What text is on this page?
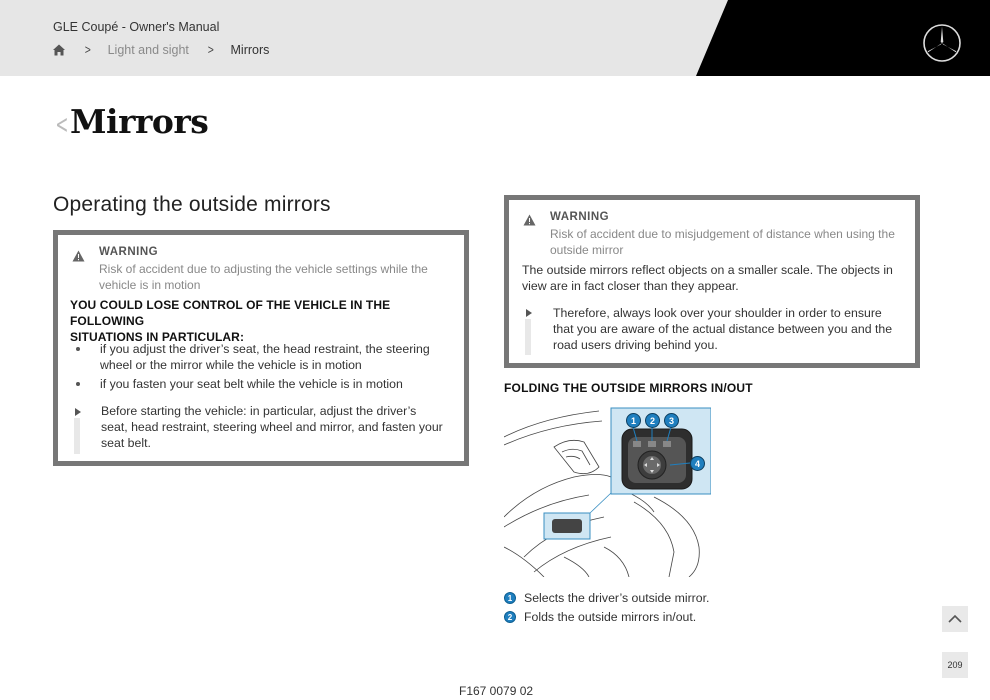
GLE Coupé - Owner's Manual
> Light and sight > Mirrors
< Mirrors
Operating the outside mirrors
WARNING
Risk of accident due to adjusting the vehicle settings while the
vehicle is in motion
YOU COULD LOSE CONTROL OF THE VEHICLE IN THE FOLLOWING
SITUATIONS IN PARTICULAR:
if you adjust the driver’s seat, the head restraint, the steering
wheel or the mirror while the vehicle is in motion
if you fasten your seat belt while the vehicle is in motion
Before starting the vehicle: in particular, adjust the driver’s
seat, head restraint, steering wheel and mirror, and fasten your
seat belt.
WARNING
Risk of accident due to misjudgement of distance when using the
outside mirror
The outside mirrors reflect objects on a smaller scale. The objects in
view are in fact closer than they appear.
Therefore, always look over your shoulder in order to ensure
that you are aware of the actual distance between you and the
road users driving behind you.
FOLDING THE OUTSIDE MIRRORS IN/OUT
1	2	3
4
1 Selects the driver’s outside mirror.
2 Folds the outside mirrors in/out.
209
F167 0079 02
